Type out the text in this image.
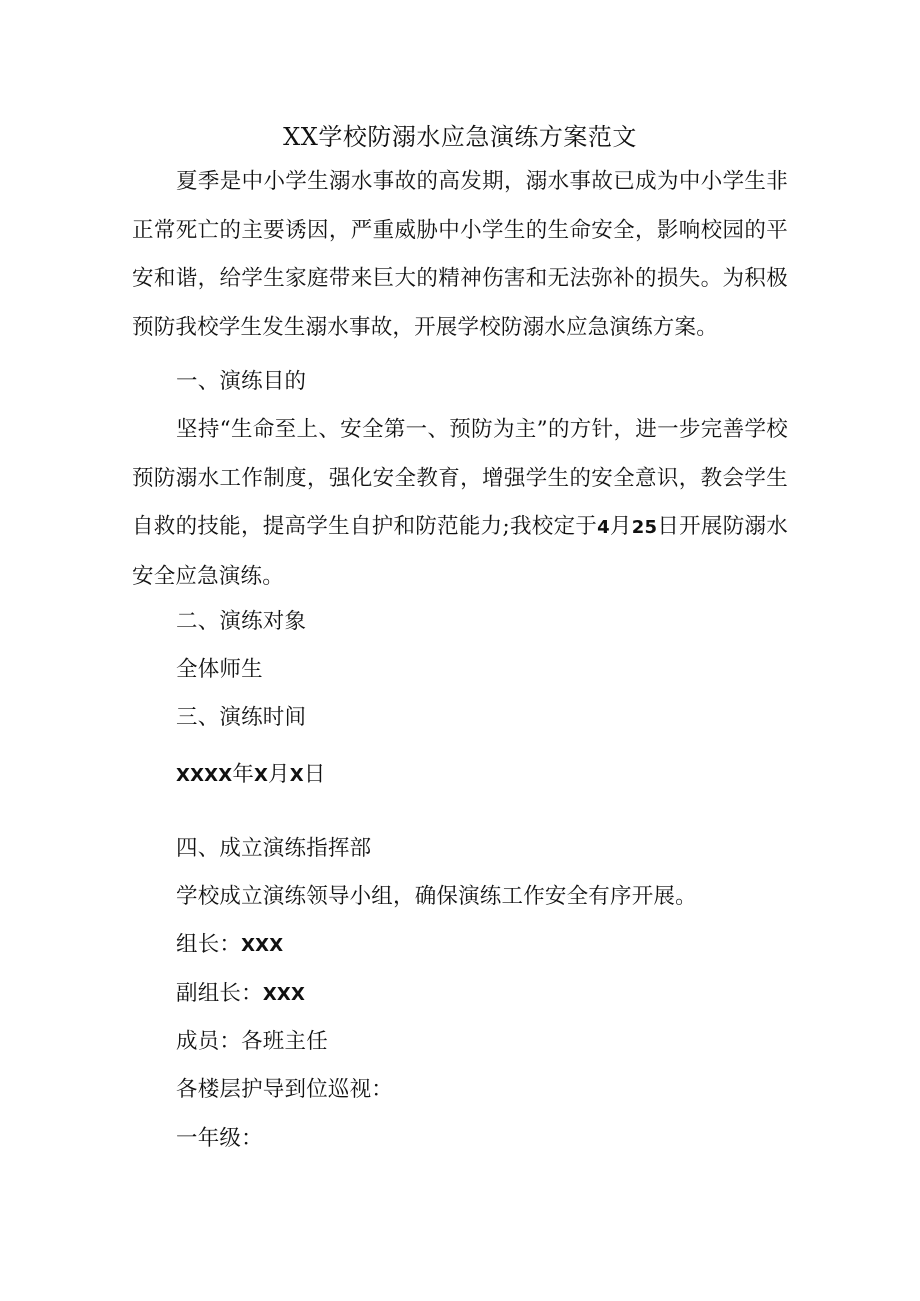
XX学校防溺水应急演练方案范文
夏季是中小学生溺水事故的高发期，溺水事故已成为中小学生非正常死亡的主要诱因，严重威胁中小学生的生命安全，影响校园的平安和谐，给学生家庭带来巨大的精神伤害和无法弥补的损失。为积极预防我校学生发生溺水事故，开展学校防溺水应急演练方案。
一、演练目的
坚持“生命至上、安全第一、预防为主”的方针，进一步完善学校预防溺水工作制度，强化安全教育，增强学生的安全意识，教会学生自救的技能，提高学生自护和防范能力;我校定于4月25日开展防溺水安全应急演练。
二、演练对象
全体师生
三、演练时间
XXXX年X月X日
四、成立演练指挥部
学校成立演练领导小组，确保演练工作安全有序开展。
组长：XXX
副组长：XXX
成员：各班主任
各楼层护导到位巡视：
一年级：
